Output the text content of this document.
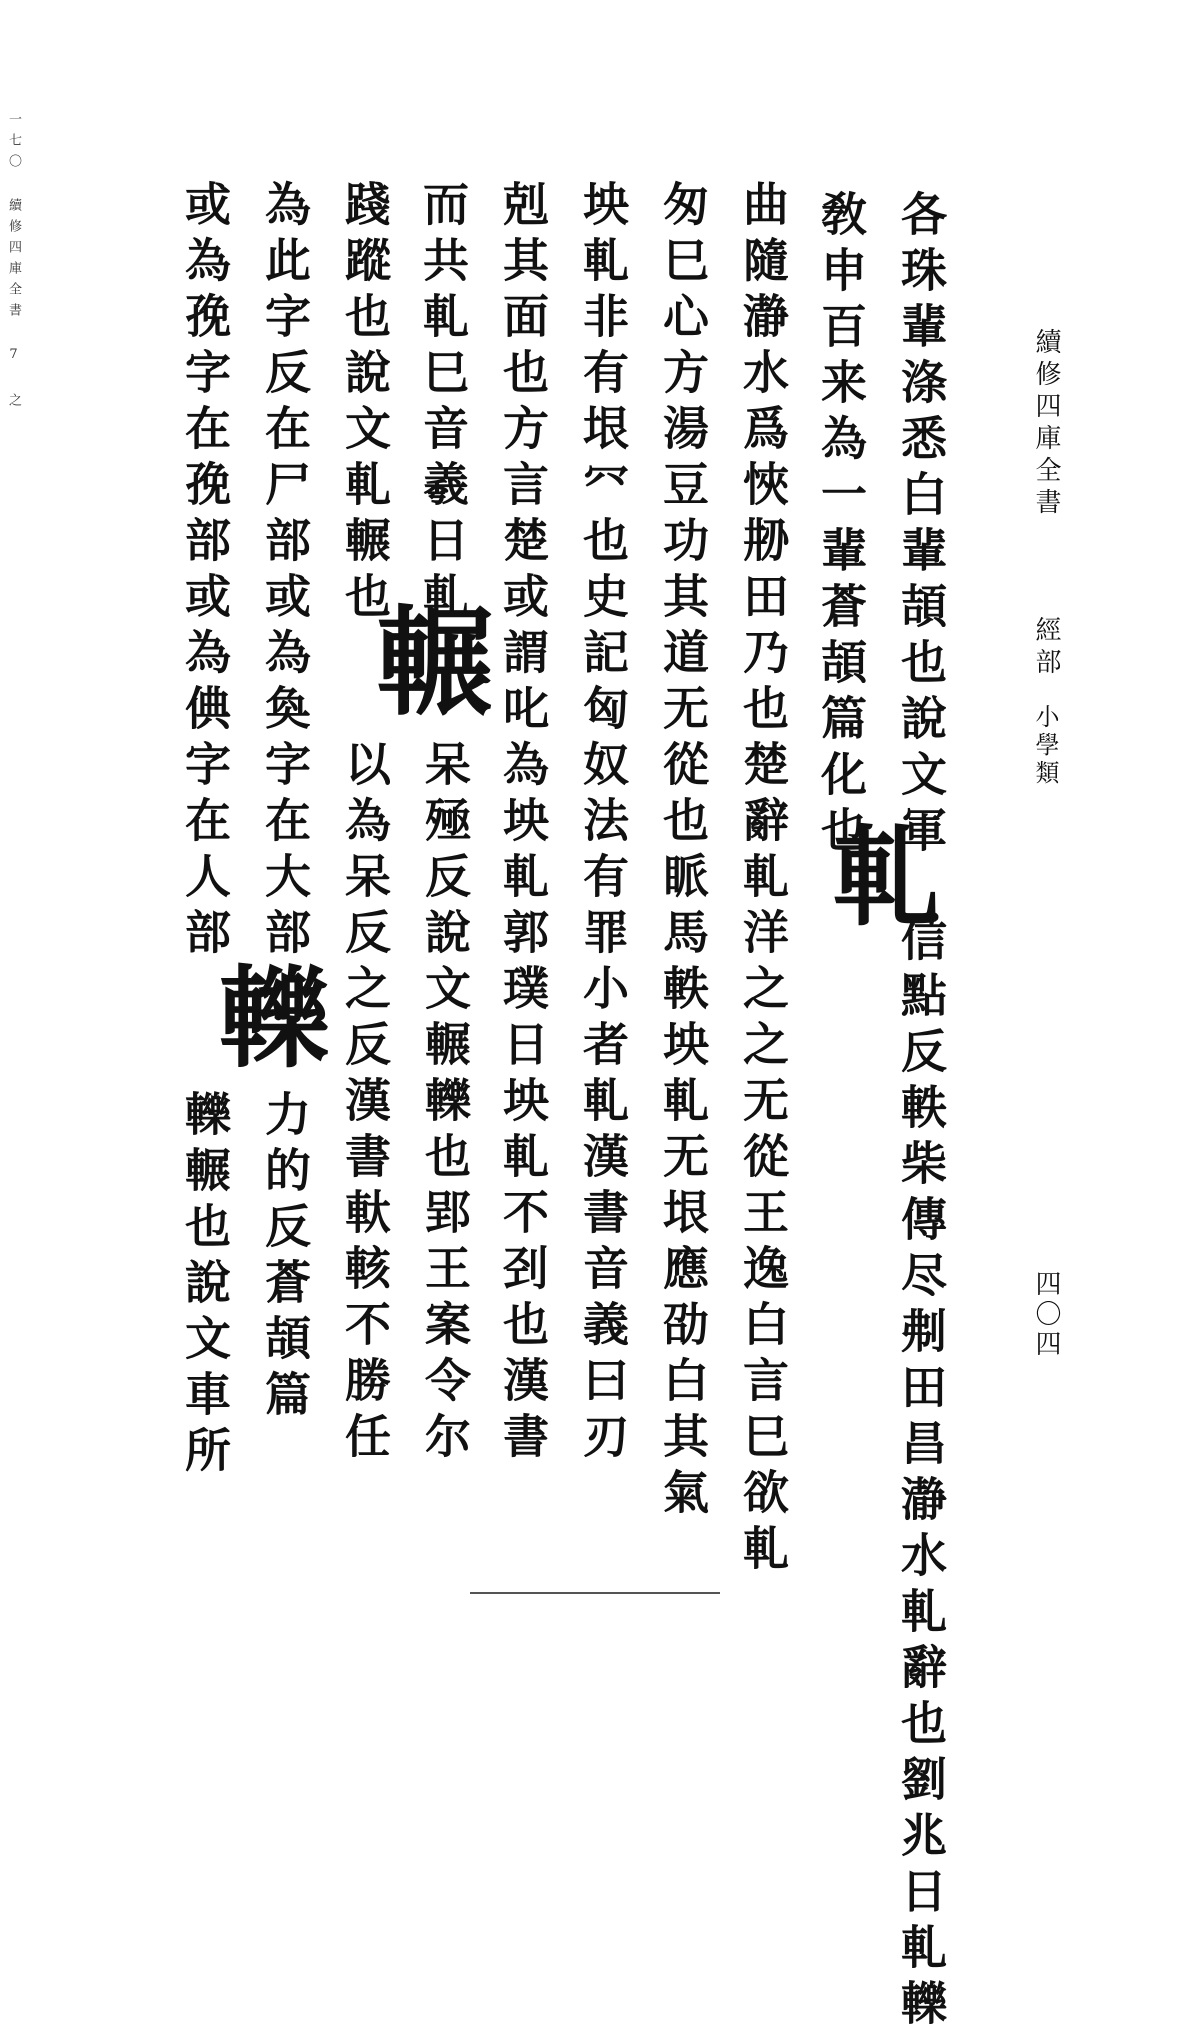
一七〇 續修四庫全書 7 之
續修四庫全書
經部
小學類
四〇四
各珠輩涤悉白輩頡也說文軍
敎申百来為一輩蒼頡篇化也
軋
信點反軼柴傳尽刜田昌瀞水軋辭也劉兆日軋轢
曲隨瀞水爲悏刱田乃也楚辭軋洋之之无從王逸白言巳欲軋
匆巳心方湯豆功其道无從也眽馬軼坱軋无垠應劭白其氣
坱軋非有垠㓁也史記匈奴法有罪小者軋漢書音義曰刃
剋其面也方言楚或謂叱為坱軋郭璞日坱軋不刭也漢書
而共軋巳音羲日軋
輾
呆殛反說文輾轢也郢王案令尔
以為呆反之反漢書軑輆不勝任
踐蹤也說文軋輾也
為此字反在尸部或為奐字在大部
或為㝃字在㝃部或為倎字在人部
轢
力的反蒼頡篇
轢輾也說文車所
